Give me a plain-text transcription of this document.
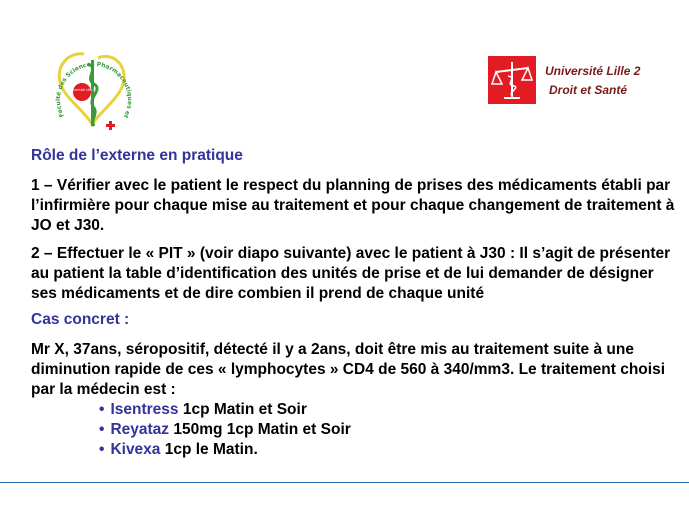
Université Lille 2
Faculté des Sciences Pharmaceutiques et
Université Lille 2
Droit et Santé

Rôle de l’externe en pratique

1 – Vérifier avec le patient le respect du planning de prises des médicaments établi par l’infirmière pour chaque mise au traitement et pour chaque changement de traitement à JO et J30.

2 – Effectuer le « PIT » (voir diapo suivante) avec le patient à J30 : Il s’agit de présenter au patient la table d’identification des unités de prise et de lui demander de désigner ses médicaments et de dire combien il prend de chaque unité

Cas concret :

Mr X, 37ans, séropositif, détecté il y a 2ans, doit être mis au traitement suite à une diminution rapide de ces « lymphocytes » CD4 de 560 à 340/mm3. Le traitement choisi par la médecin est :

• Isentress 1cp Matin et Soir
• Reyataz 150mg 1cp Matin et Soir
• Kivexa 1cp le Matin.
